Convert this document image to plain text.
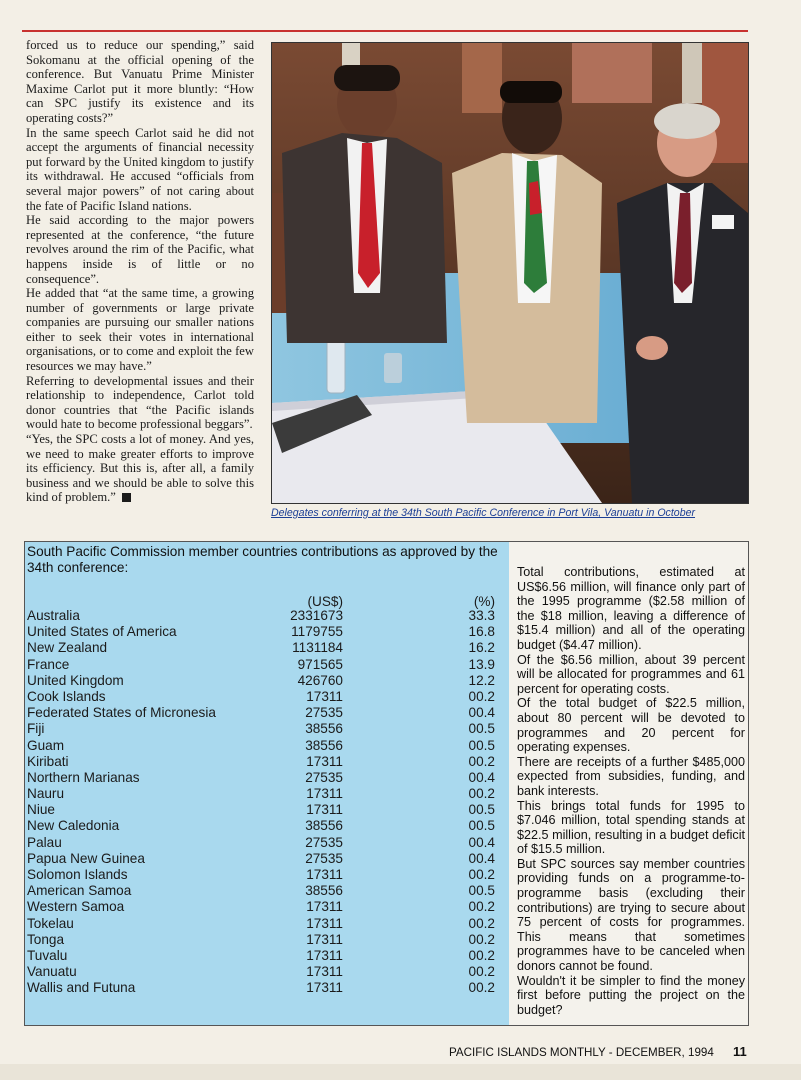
forced us to reduce our spending,” said Sokomanu at the official opening of the conference. But Vanuatu Prime Minister Maxime Carlot put it more bluntly: “How can SPC justify its existence and its operating costs?”

In the same speech Carlot said he did not accept the arguments of financial necessity put forward by the United kingdom to justify its withdrawal. He accused “officials from several major powers” of not caring about the fate of Pacific Island nations.

He said according to the major powers represented at the conference, “the future revolves around the rim of the Pacific, what happens inside is of little or no consequence”.

He added that “at the same time, a growing number of governments or large private companies are pursuing our smaller nations either to seek their votes in international organisations, or to come and exploit the few resources we may have.”

Referring to developmental issues and their relationship to independence, Carlot told donor countries that “the Pacific islands would hate to become professional beggars”.

“Yes, the SPC costs a lot of money. And yes, we need to make greater efforts to improve its efficiency. But this is, after all, a family business and we should be able to solve this kind of problem.”

Delegates conferring at the 34th South Pacific Conference in Port Vila, Vanuatu in October
South Pacific Commission member countries contributions as approved by the 34th conference:
(US$)	(%)
Australia	2331673	33.3
United States of America	1179755	16.8
New Zealand	1131184	16.2
France	971565	13.9
United Kingdom	426760	12.2
Cook Islands	17311	00.2
Federated States of Micronesia	27535	00.4
Fiji	38556	00.5
Guam	38556	00.5
Kiribati	17311	00.2
Northern Marianas	27535	00.4
Nauru	17311	00.2
Niue	17311	00.5
New Caledonia	38556	00.5
Palau	27535	00.4
Papua New Guinea	27535	00.4
Solomon Islands	17311	00.2
American Samoa	38556	00.5
Western Samoa	17311	00.2
Tokelau	17311	00.2
Tonga	17311	00.2
Tuvalu	17311	00.2
Vanuatu	17311	00.2
Wallis and Futuna	17311	00.2

Total contributions, estimated at US$6.56 million, will finance only part of the 1995 programme ($2.58 million of the $18 million, leaving a difference of $15.4 million) and all of the operating budget ($4.47 million).

Of the $6.56 million, about 39 percent will be allocated for programmes and 61 percent for operating costs.

Of the total budget of $22.5 million, about 80 percent will be devoted to programmes and 20 percent for operating expenses.

There are receipts of a further $485,000 expected from subsidies, funding, and bank interests.

This brings total funds for 1995 to $7.046 million, total spending stands at $22.5 million, resulting in a budget deficit of $15.5 million.

But SPC sources say member countries providing funds on a programme-to-programme basis (excluding their contributions) are trying to secure about 75 percent of costs for programmes. This means that sometimes programmes have to be canceled when donors cannot be found.

Wouldn't it be simpler to find the money first before putting the project on the budget?

PACIFIC ISLANDS MONTHLY - DECEMBER, 1994 11
